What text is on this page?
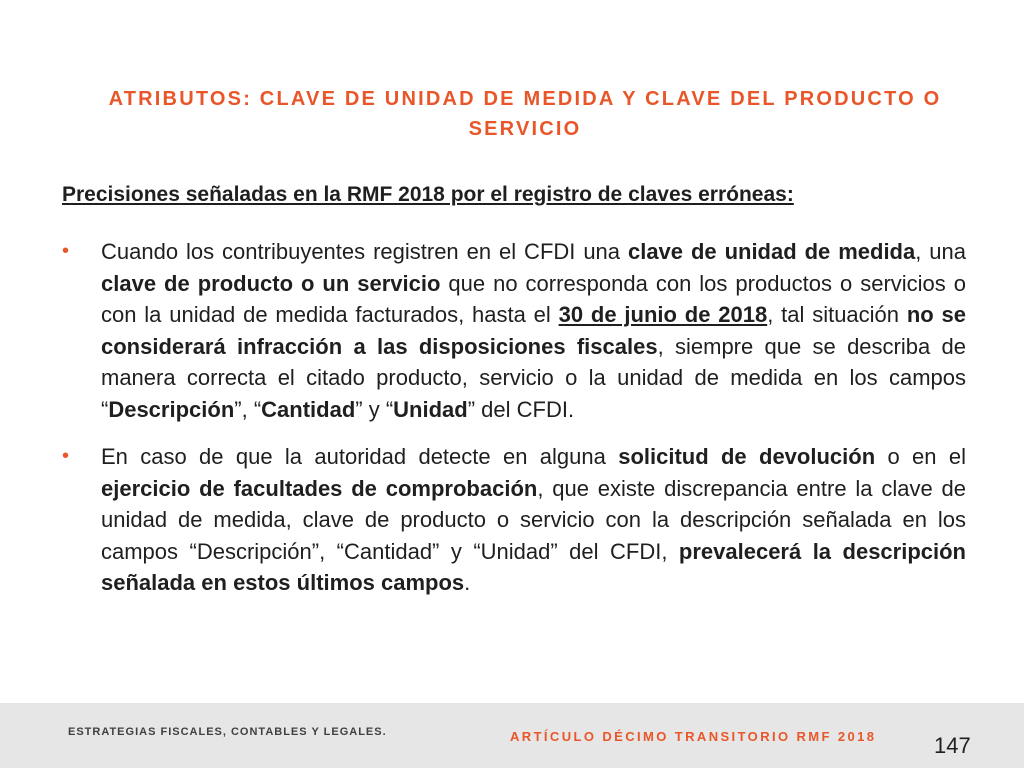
ATRIBUTOS: CLAVE DE UNIDAD DE MEDIDA Y CLAVE DEL PRODUCTO O
SERVICIO
Precisiones señaladas en la RMF 2018 por el registro de claves erróneas:
• Cuando los contribuyentes registren en el CFDI una clave de unidad de medida, una clave de producto o un servicio que no corresponda con los productos o servicios o con la unidad de medida facturados, hasta el 30 de junio de 2018, tal situación no se considerará infracción a las disposiciones fiscales, siempre que se describa de manera correcta el citado producto, servicio o la unidad de medida en los campos “Descripción”, “Cantidad” y “Unidad” del CFDI.
• En caso de que la autoridad detecte en alguna solicitud de devolución o en el ejercicio de facultades de comprobación, que existe discrepancia entre la clave de unidad de medida, clave de producto o servicio con la descripción señalada en los campos “Descripción”, “Cantidad” y “Unidad” del CFDI, prevalecerá la descripción señalada en estos últimos campos.
ESTRATEGIAS FISCALES, CONTABLES Y LEGALES.	ARTÍCULO DÉCIMO TRANSITORIO RMF 2018	147
